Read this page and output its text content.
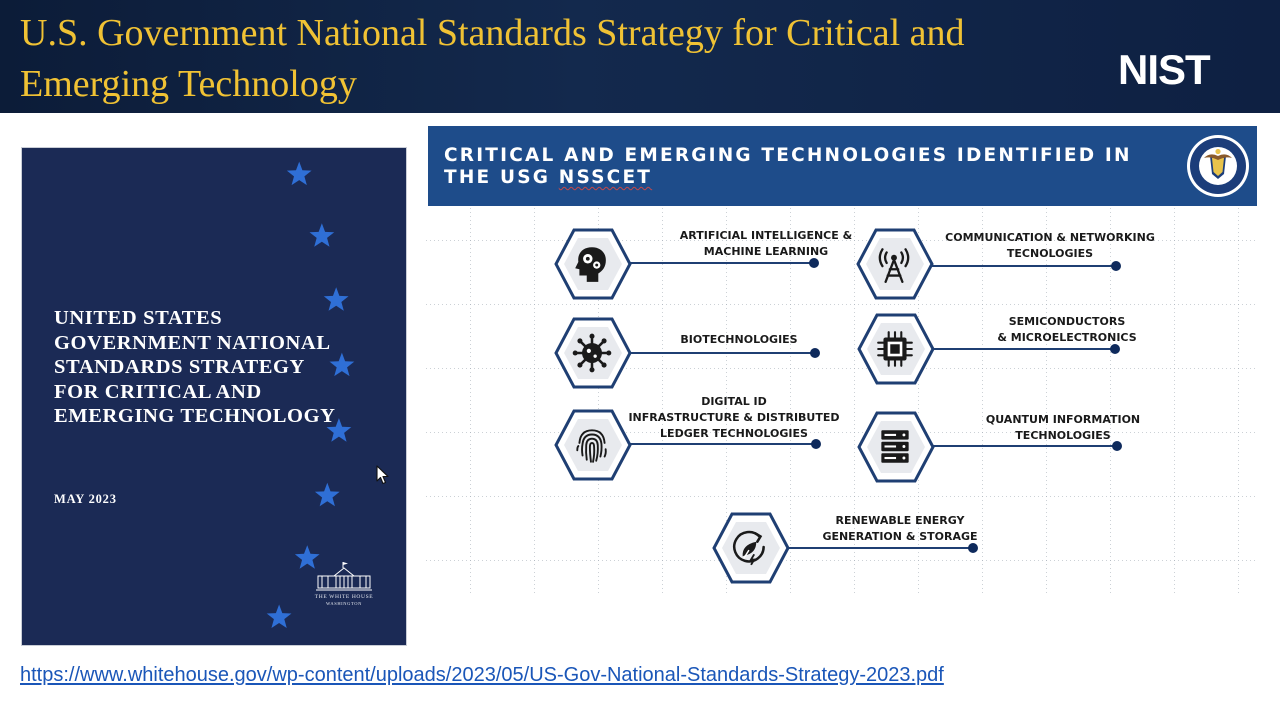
U.S. Government National Standards Strategy for Critical and Emerging Technology	NIST
UNITED STATES GOVERNMENT NATIONAL STANDARDS STRATEGY FOR CRITICAL AND EMERGING TECHNOLOGY
MAY 2023
THE WHITE HOUSE
WASHINGTON
CRITICAL AND EMERGING TECHNOLOGIES IDENTIFIED IN THE USG NSSCET
ARTIFICIAL INTELLIGENCE &
MACHINE LEARNING
COMMUNICATION & NETWORKING
TECNOLOGIES
BIOTECHNOLOGIES
SEMICONDUCTORS
& MICROELECTRONICS
DIGITAL ID
INFRASTRUCTURE & DISTRIBUTED
LEDGER TECHNOLOGIES
QUANTUM INFORMATION
TECHNOLOGIES
RENEWABLE ENERGY
GENERATION & STORAGE
https://www.whitehouse.gov/wp-content/uploads/2023/05/US-Gov-National-Standards-Strategy-2023.pdf
